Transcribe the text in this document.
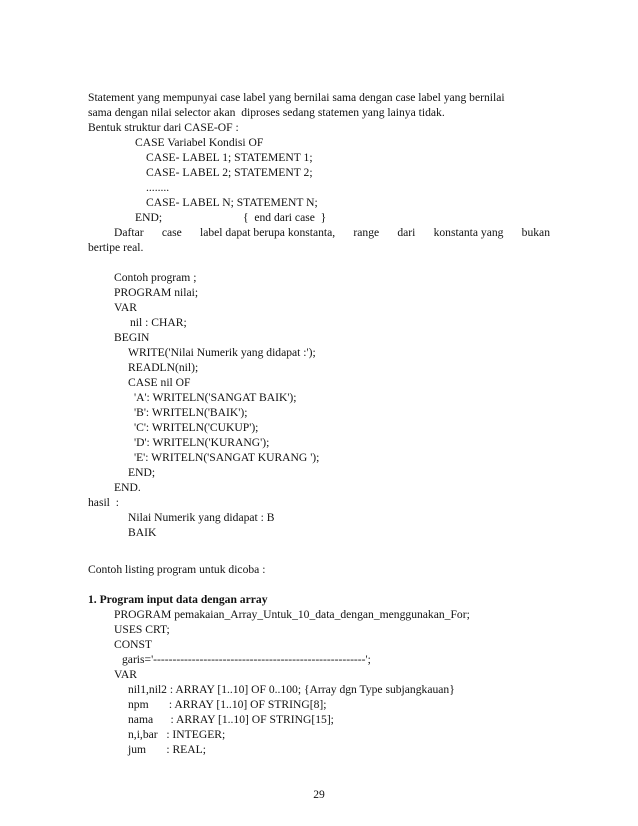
Statement yang mempunyai case label yang bernilai sama dengan case label yang bernilai
sama dengan nilai selector akan  diproses sedang statemen yang lainya tidak.
Bentuk struktur dari CASE-OF :
CASE Variabel Kondisi OF
CASE- LABEL 1; STATEMENT 1;
CASE- LABEL 2; STATEMENT 2;
........
CASE- LABEL N; STATEMENT N;
END;	{  end dari case  }
Daftar case label dapat berupa konstanta, range dari konstanta yang bukan
bertipe real.
Contoh program ;
PROGRAM nilai;
VAR
nil : CHAR;
BEGIN
WRITE('Nilai Numerik yang didapat :');
READLN(nil);
CASE nil OF
'A': WRITELN('SANGAT BAIK');
'B': WRITELN('BAIK');
'C': WRITELN('CUKUP');
'D': WRITELN('KURANG');
'E': WRITELN('SANGAT KURANG ');
END;
END.
hasil  :
Nilai Numerik yang didapat : B
BAIK
Contoh listing program untuk dicoba :
1. Program input data dengan array
PROGRAM pemakaian_Array_Untuk_10_data_dengan_menggunakan_For;
USES CRT;
CONST
garis='-------------------------------------------------------';
VAR
nil1,nil2 : ARRAY [1..10] OF 0..100; {Array dgn Type subjangkauan}
npm       : ARRAY [1..10] OF STRING[8];
nama      : ARRAY [1..10] OF STRING[15];
n,i,bar   : INTEGER;
jum       : REAL;
29
